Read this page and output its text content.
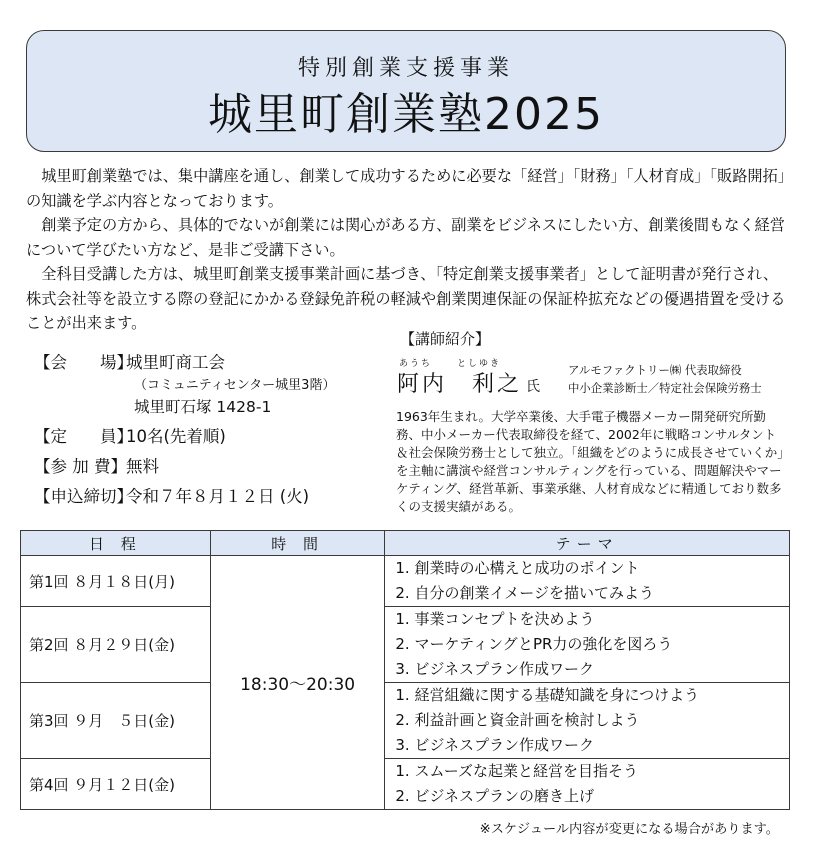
特別創業支援事業
城里町創業塾2025

城里町創業塾では、集中講座を通し、創業して成功するために必要な「経営」「財務」「人材育成」「販路開拓」の知識を学ぶ内容となっております。

創業予定の方から、具体的でないが創業には関心がある方、副業をビジネスにしたい方、創業後間もなく経営について学びたい方など、是非ご受講下さい。

全科目受講した方は、城里町創業支援事業計画に基づき、「特定創業支援事業者」として証明書が発行され、株式会社等を設立する際の登記にかかる登録免許税の軽減や創業関連保証の保証枠拡充などの優遇措置を受けることが出来ます。

【会　　場】城里町商工会
（コミュニティセンター城里3階）
城里町石塚 1428-1
【定　　員】10名(先着順)
【参 加 費】無料
【申込締切】令和７年８月１２日 (火)
【講師紹介】
あうち	としゆき
阿内　利之 氏
アルモファクトリー㈱ 代表取締役
中小企業診断士／特定社会保険労務士

1963年生まれ。大学卒業後、大手電子機器メーカー開発研究所勤務、中小メーカー代表取締役を経て、2002年に戦略コンサルタント＆社会保険労務士として独立。「組織をどのように成長させていくか」を主軸に講演や経営コンサルティングを行っている、問題解決やマーケティング、経営革新、事業承継、人材育成などに精通しており数多くの支援実績がある。

日 程	時 間	テーマ
第1回 ８月１８日(月)	18:30～20:30	1. 創業時の心構えと成功のポイント
2. 自分の創業イメージを描いてみよう

第2回 ８月２９日(金)		1. 事業コンセプトを決めよう
2. マーケティングとPR力の強化を図ろう
3. ビジネスプラン作成ワーク

第3回 ９月　５日(金)		1. 経営組織に関する基礎知識を身につけよう
2. 利益計画と資金計画を検討しよう
3. ビジネスプラン作成ワーク

第4回 ９月１２日(金)		1. スムーズな起業と経営を目指そう
2. ビジネスプランの磨き上げ
※スケジュール内容が変更になる場合があります。
